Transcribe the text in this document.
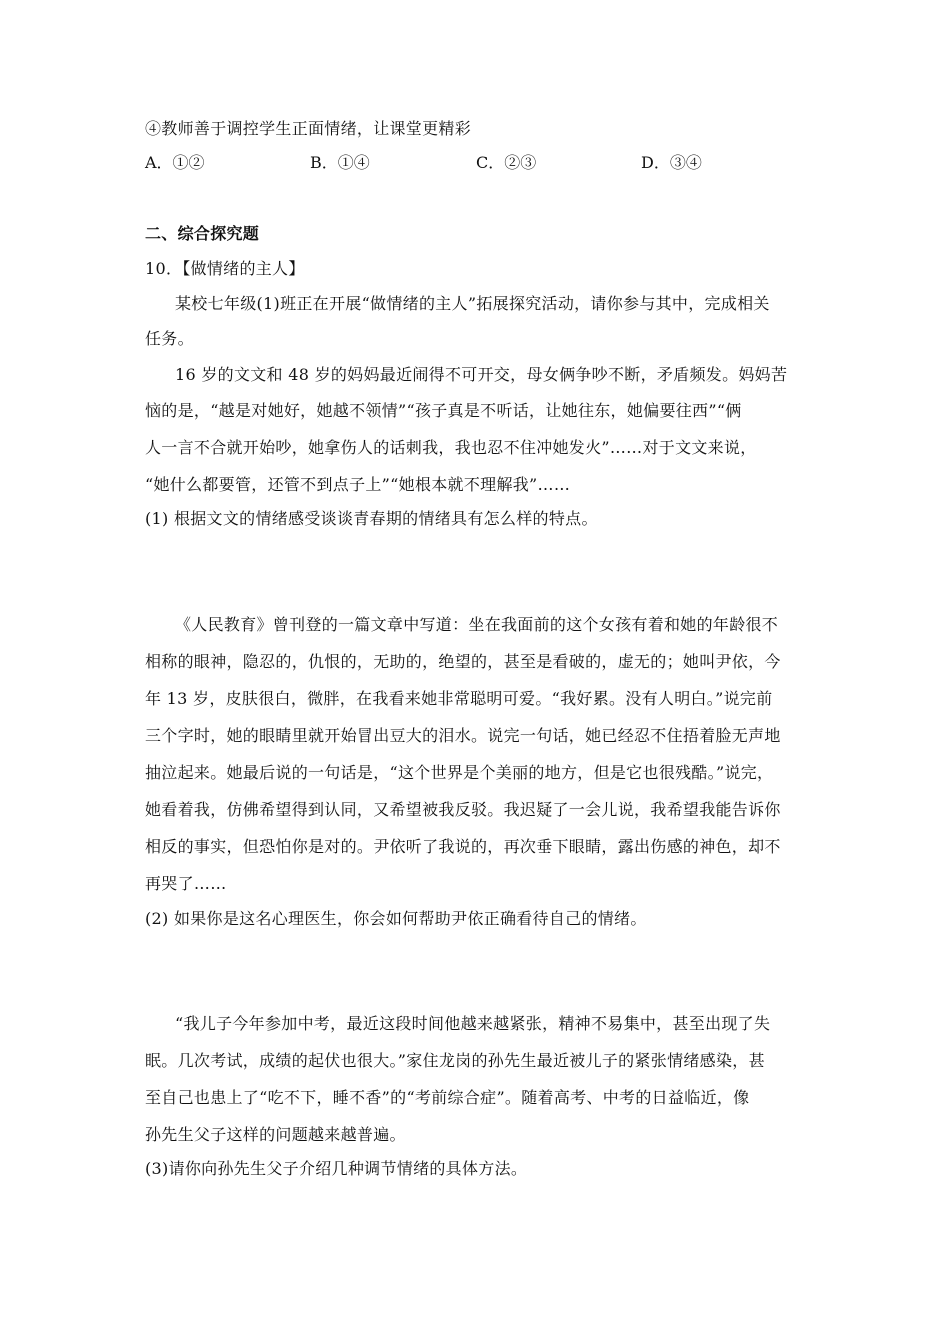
④教师善于调控学生正面情绪，让课堂更精彩
A．①②	B．①④	C．②③	D．③④
二、综合探究题
10．【做情绪的主人】
某校七年级(1)班正在开展“做情绪的主人”拓展探究活动，请你参与其中，完成相关
任务。
16 岁的文文和 48 岁的妈妈最近闹得不可开交，母女俩争吵不断，矛盾频发。妈妈苦
恼的是，“越是对她好，她越不领情”“孩子真是不听话，让她往东，她偏要往西”“俩
人一言不合就开始吵，她拿伤人的话刺我，我也忍不住冲她发火”……对于文文来说，
“她什么都要管，还管不到点子上”“她根本就不理解我”……
(1) 根据文文的情绪感受谈谈青春期的情绪具有怎么样的特点。
《人民教育》曾刊登的一篇文章中写道：坐在我面前的这个女孩有着和她的年龄很不
相称的眼神，隐忍的，仇恨的，无助的，绝望的，甚至是看破的，虚无的；她叫尹依，今
年 13 岁，皮肤很白，微胖，在我看来她非常聪明可爱。“我好累。没有人明白。”说完前
三个字时，她的眼睛里就开始冒出豆大的泪水。说完一句话，她已经忍不住捂着脸无声地
抽泣起来。她最后说的一句话是，“这个世界是个美丽的地方，但是它也很残酷。”说完，
她看着我，仿佛希望得到认同，又希望被我反驳。我迟疑了一会儿说，我希望我能告诉你
相反的事实，但恐怕你是对的。尹依听了我说的，再次垂下眼睛，露出伤感的神色，却不
再哭了……
(2) 如果你是这名心理医生，你会如何帮助尹依正确看待自己的情绪。
“我儿子今年参加中考，最近这段时间他越来越紧张，精神不易集中，甚至出现了失
眠。几次考试，成绩的起伏也很大。”家住龙岗的孙先生最近被儿子的紧张情绪感染，甚
至自己也患上了“吃不下，睡不香”的“考前综合症”。随着高考、中考的日益临近，像
孙先生父子这样的问题越来越普遍。
(3)请你向孙先生父子介绍几种调节情绪的具体方法。
